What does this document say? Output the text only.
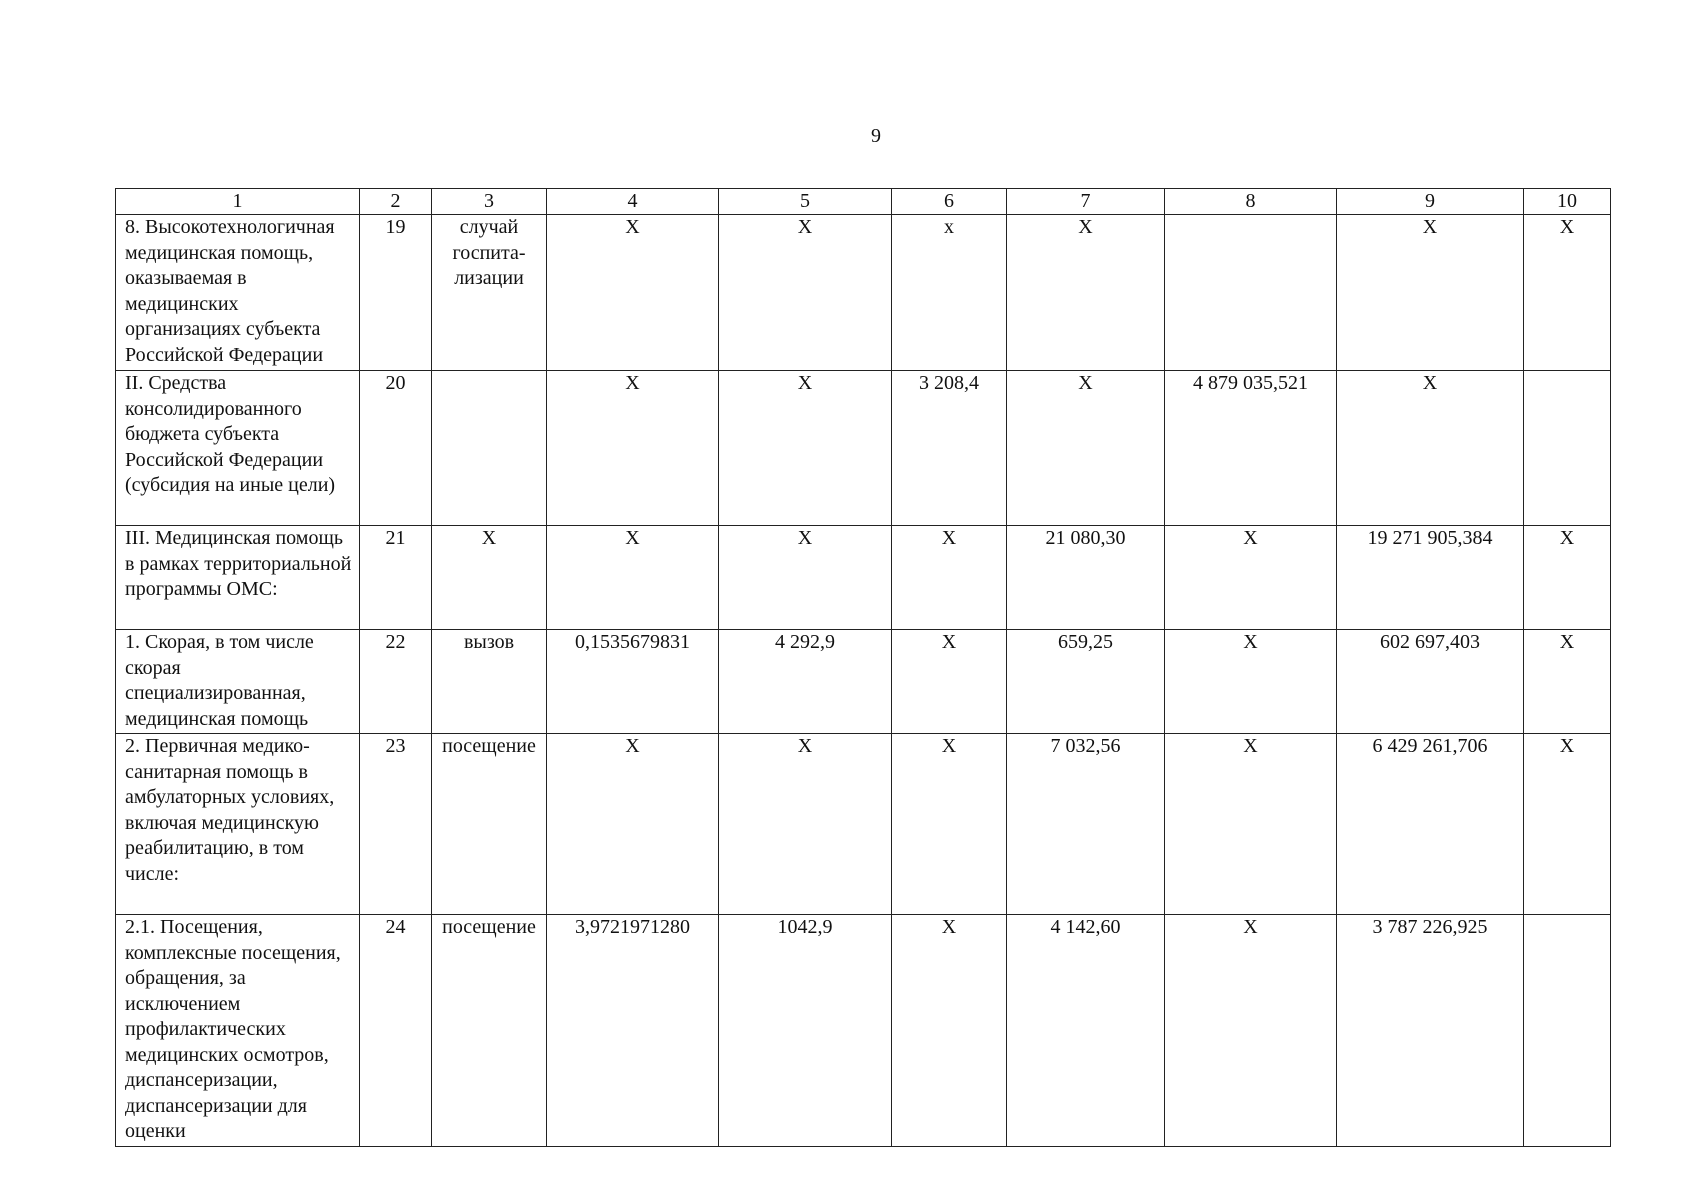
9
1	2	3	4	5	6	7	8	9	10
8. Высокотехнологичная медицинская помощь, оказываемая в медицинских организациях субъекта Российской Федерации	19	случай госпита-лизации	X	X	x	X		X	X
II. Средства консолидированного бюджета субъекта Российской Федерации (субсидия на иные цели)	20		X	X	3 208,4	X	4 879 035,521	X	
III. Медицинская помощь в рамках территориальной программы ОМС:	21	X	X	X	X	21 080,30	X	19 271 905,384	X
1. Скорая, в том числе скорая специализированная, медицинская помощь	22	вызов	0,1535679831	4 292,9	X	659,25	X	602 697,403	X
2. Первичная медико-санитарная помощь в амбулаторных условиях, включая медицинскую реабилитацию, в том числе:	23	посещение	X	X	X	7 032,56	X	6 429 261,706	X
2.1. Посещения, комплексные посещения, обращения, за исключением профилактических медицинских осмотров, диспансеризации, диспансеризации для оценки	24	посещение	3,9721971280	1042,9	X	4 142,60	X	3 787 226,925	
